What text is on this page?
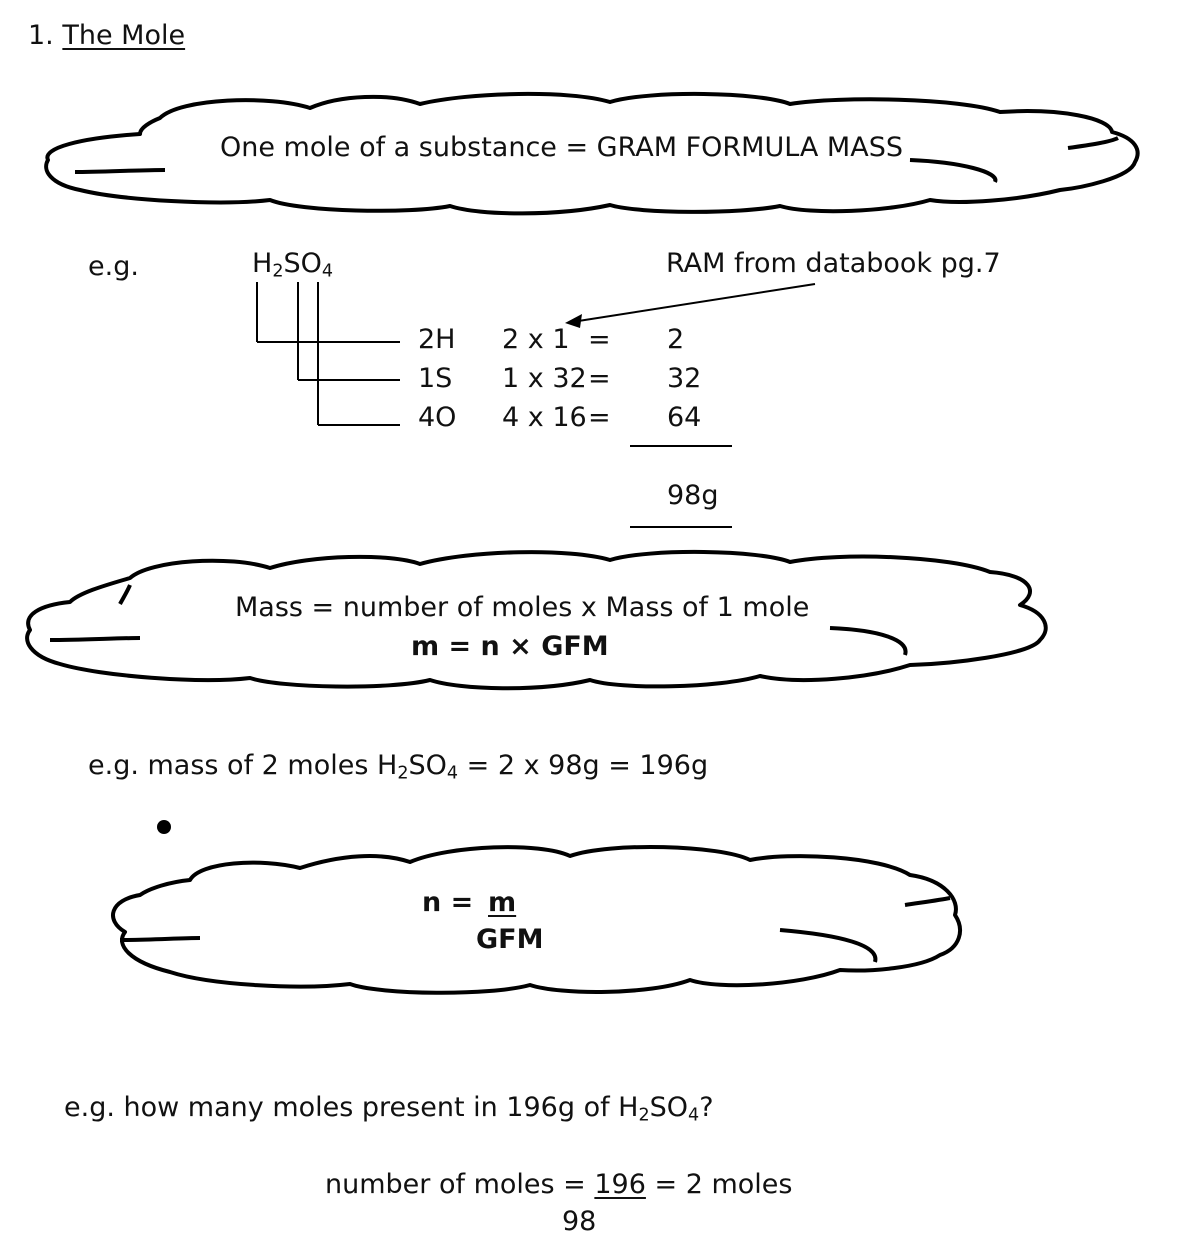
1. The Mole
One mole of a substance = GRAM FORMULA MASS
e.g.	$H_2SO_4$	RAM from databook pg.7
2H 2 x 1 = 2
1S 1 x 32 = 32
4O 4 x 16 = 64
98g
Mass = number of moles x Mass of 1 mole
m = n × GFM
e.g. mass of 2 moles $H_2SO_4 = 2$ x 98g = 196g
n = m
GFM
e.g. how many moles present in 196g of $H_2SO_4$?
number of moles = 196 = 2 moles
98
